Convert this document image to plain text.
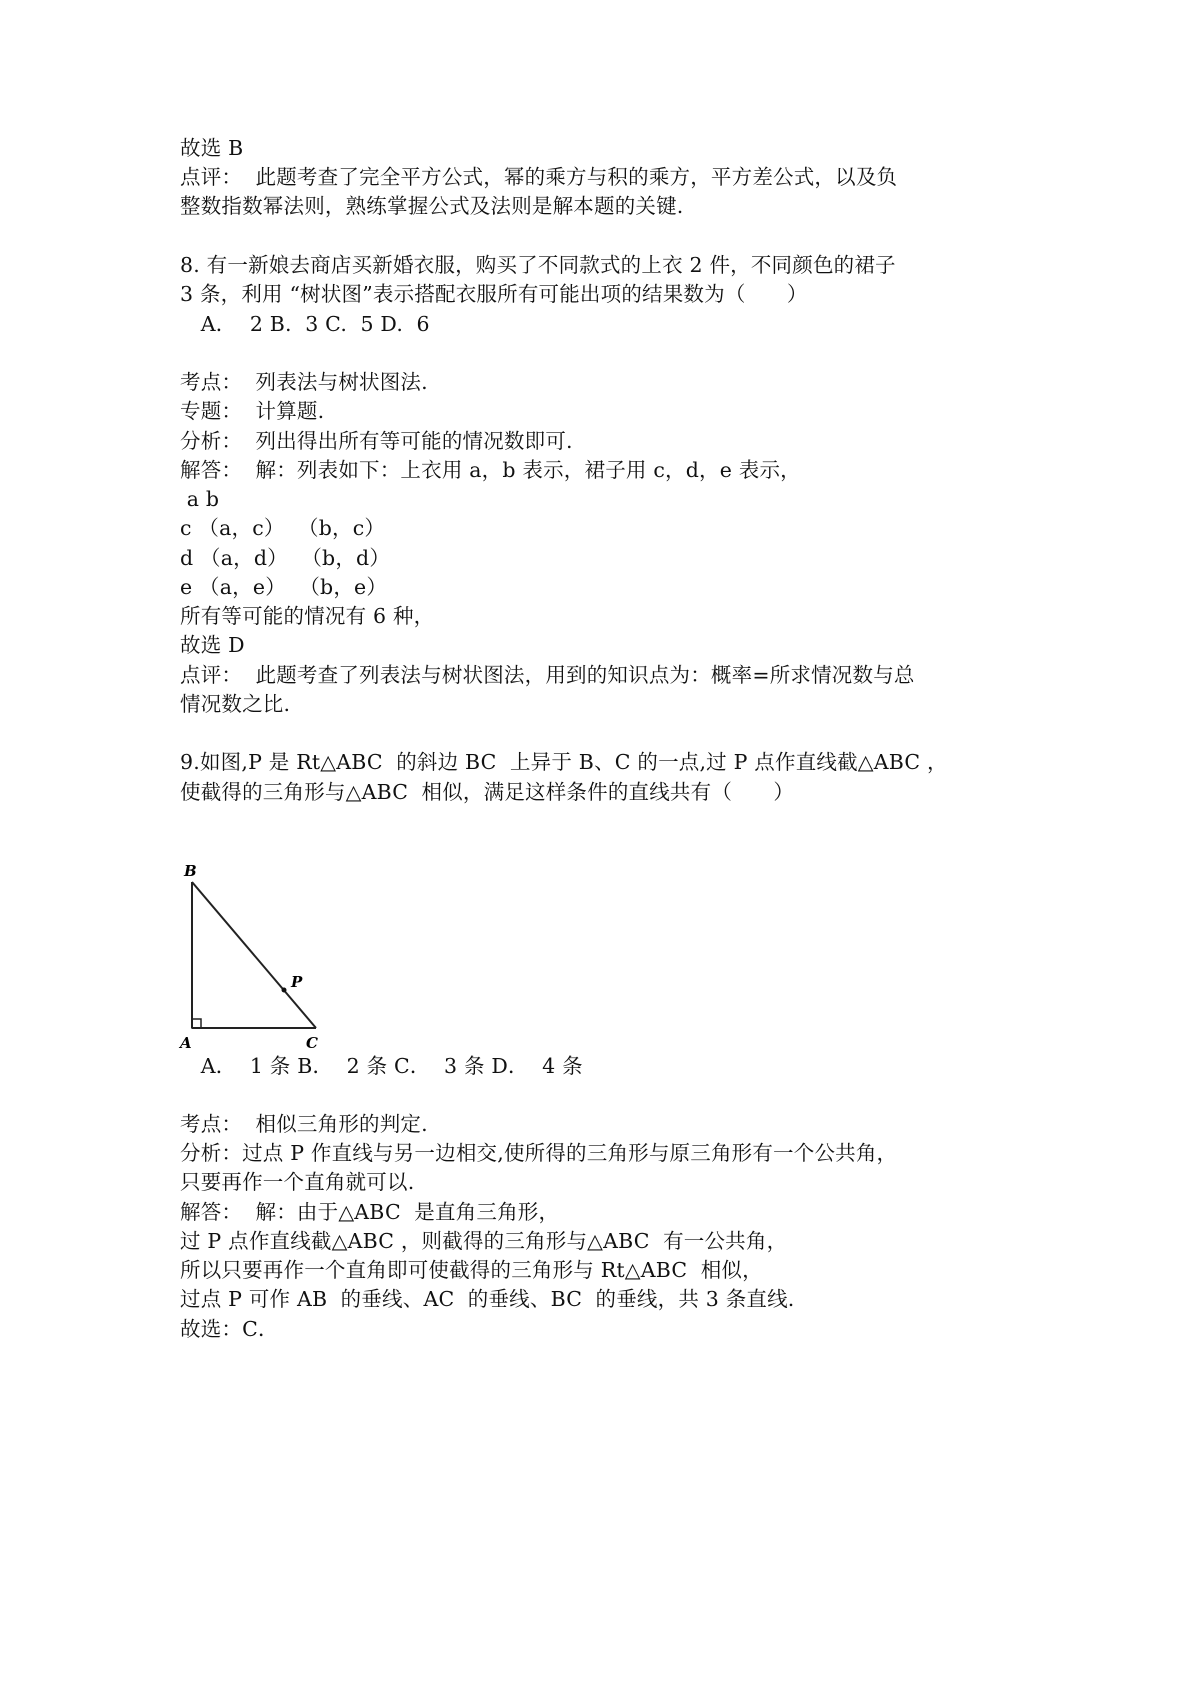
故选 B
点评：  此题考查了完全平方公式，幂的乘方与积的乘方，平方差公式，以及负
整数指数幂法则，熟练掌握公式及法则是解本题的关键.
8. 有一新娘去商店买新婚衣服，购买了不同款式的上衣 2 件，不同颜色的裙子
3 条，利用 “树状图”表示搭配衣服所有可能出项的结果数为（　　）
　A．  2 B.  3 C.  5 D.  6
考点：  列表法与树状图法.
专题：  计算题.
分析：  列出得出所有等可能的情况数即可.
解答：  解：列表如下：上衣用 a，b 表示，裙子用 c，d，e 表示，
a b
c （a，c）  （b，c）
d （a，d）  （b，d）
e （a，e）  （b，e）
所有等可能的情况有 6 种，
故选 D
点评：  此题考查了列表法与树状图法，用到的知识点为：概率=所求情况数与总
情况数之比.
9.如图,P 是 Rt△ABC  的斜边 BC  上异于 B、C 的一点,过 P 点作直线截△ABC ，
使截得的三角形与△ABC  相似，满足这样条件的直线共有（　　）
B
A	C
P
　A．  1 条 B．  2 条 C．  3 条 D．  4 条
考点：  相似三角形的判定.
分析：过点 P 作直线与另一边相交,使所得的三角形与原三角形有一个公共角，
只要再作一个直角就可以.
解答：  解：由于△ABC  是直角三角形，
过 P 点作直线截△ABC ，则截得的三角形与△ABC  有一公共角，
所以只要再作一个直角即可使截得的三角形与 Rt△ABC  相似，
过点 P 可作 AB  的垂线、AC  的垂线、BC  的垂线，共 3 条直线.
故选：C．
